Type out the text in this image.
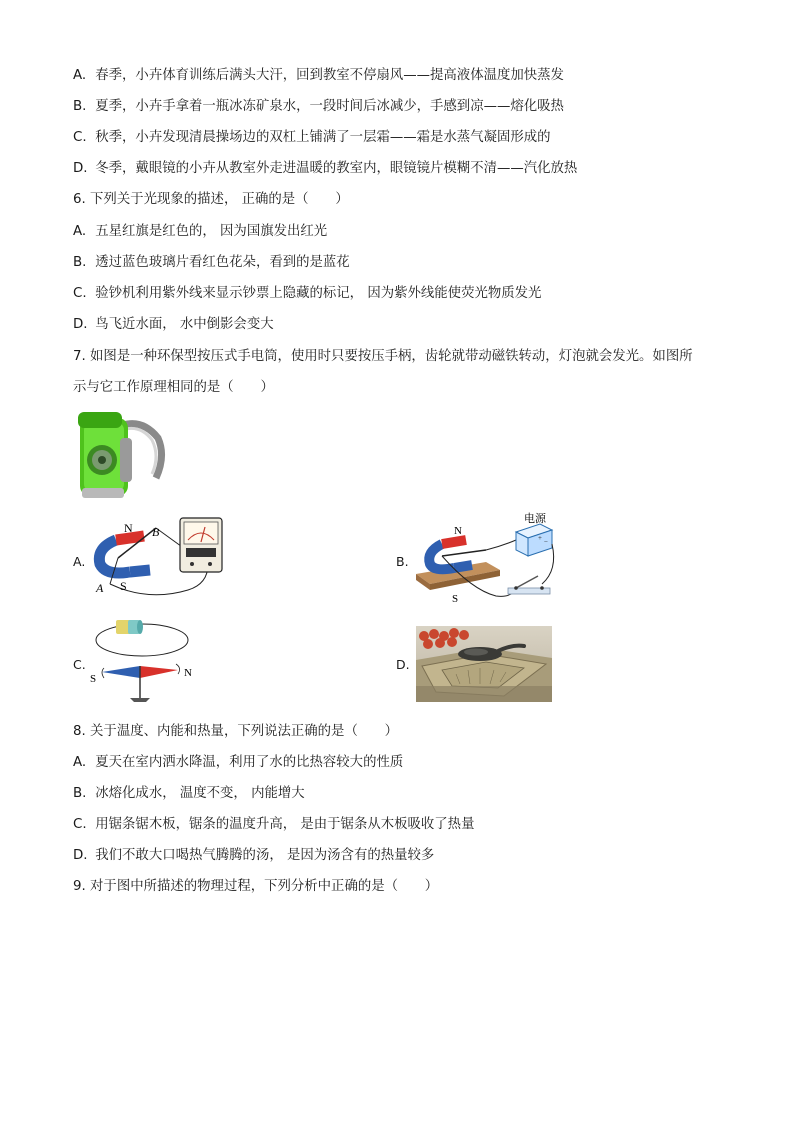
A. 春季，小卉体育训练后满头大汗，回到教室不停扇风——提高液体温度加快蒸发
B. 夏季，小卉手拿着一瓶冰冻矿泉水，一段时间后冰减少，手感到凉——熔化吸热
C. 秋季，小卉发现清晨操场边的双杠上铺满了一层霜——霜是水蒸气凝固形成的
D. 冬季，戴眼镜的小卉从教室外走进温暖的教室内，眼镜镜片模糊不清——汽化放热
6. 下列关于光现象的描述， 正确的是（　　）
A. 五星红旗是红色的， 因为国旗发出红光
B. 透过蓝色玻璃片看红色花朵，看到的是蓝花
C. 验钞机利用紫外线来显示钞票上隐藏的标记， 因为紫外线能使荧光物质发光
D. 鸟飞近水面， 水中倒影会变大
7. 如图是一种环保型按压式手电筒，使用时只要按压手柄，齿轮就带动磁铁转动，灯泡就会发光。如图所
示与它工作原理相同的是（　　）
A.
N
S
A
B
B.
+ −
N
S
电源
C.
N
S
D.
8. 关于温度、内能和热量，下列说法正确的是（　　）
A. 夏天在室内洒水降温，利用了水的比热容较大的性质
B. 冰熔化成水， 温度不变， 内能增大
C. 用锯条锯木板，锯条的温度升高， 是由于锯条从木板吸收了热量
D. 我们不敢大口喝热气腾腾的汤， 是因为汤含有的热量较多
9. 对于图中所描述的物理过程，下列分析中正确的是（　　）
